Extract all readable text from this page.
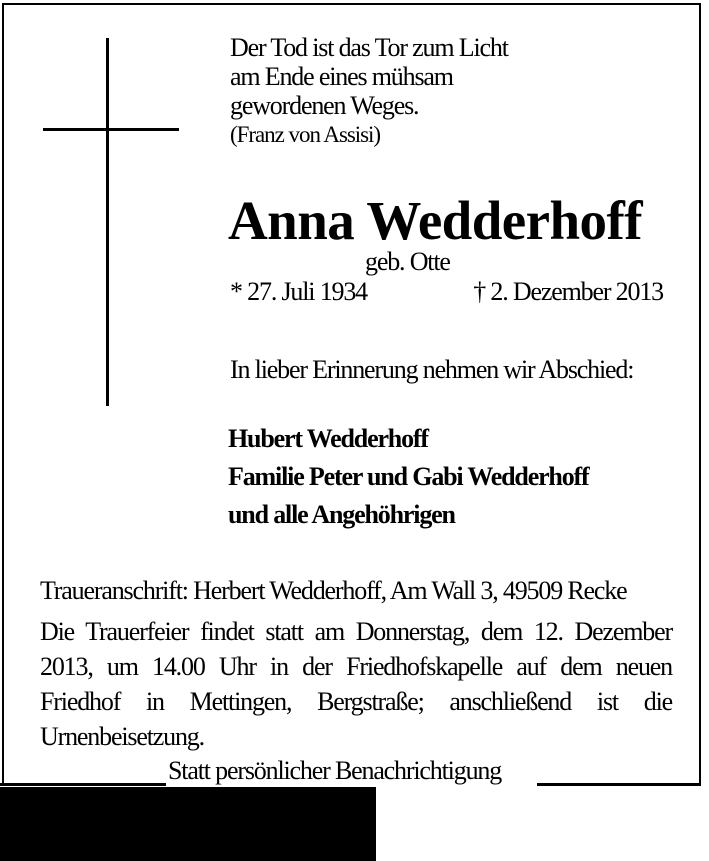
Der Tod ist das Tor zum Licht
am Ende eines mühsam
gewordenen Weges.
(Franz von Assisi)
Anna Wedderhoff
geb. Otte
* 27. Juli 1934	† 2. Dezember 2013
In lieber Erinnerung nehmen wir Abschied:
Hubert Wedderhoff
Familie Peter und Gabi Wedderhoff
und alle Angehöhrigen
Traueranschrift: Herbert Wedderhoff, Am Wall 3, 49509 Recke
Die Trauerfeier findet statt am Donnerstag, dem 12. Dezember 2013, um 14.00 Uhr in der Friedhofskapelle auf dem neuen Friedhof in Mettingen, Bergstraße; anschließend ist die Urnenbeisetzung.
Statt persönlicher Benachrichtigung
